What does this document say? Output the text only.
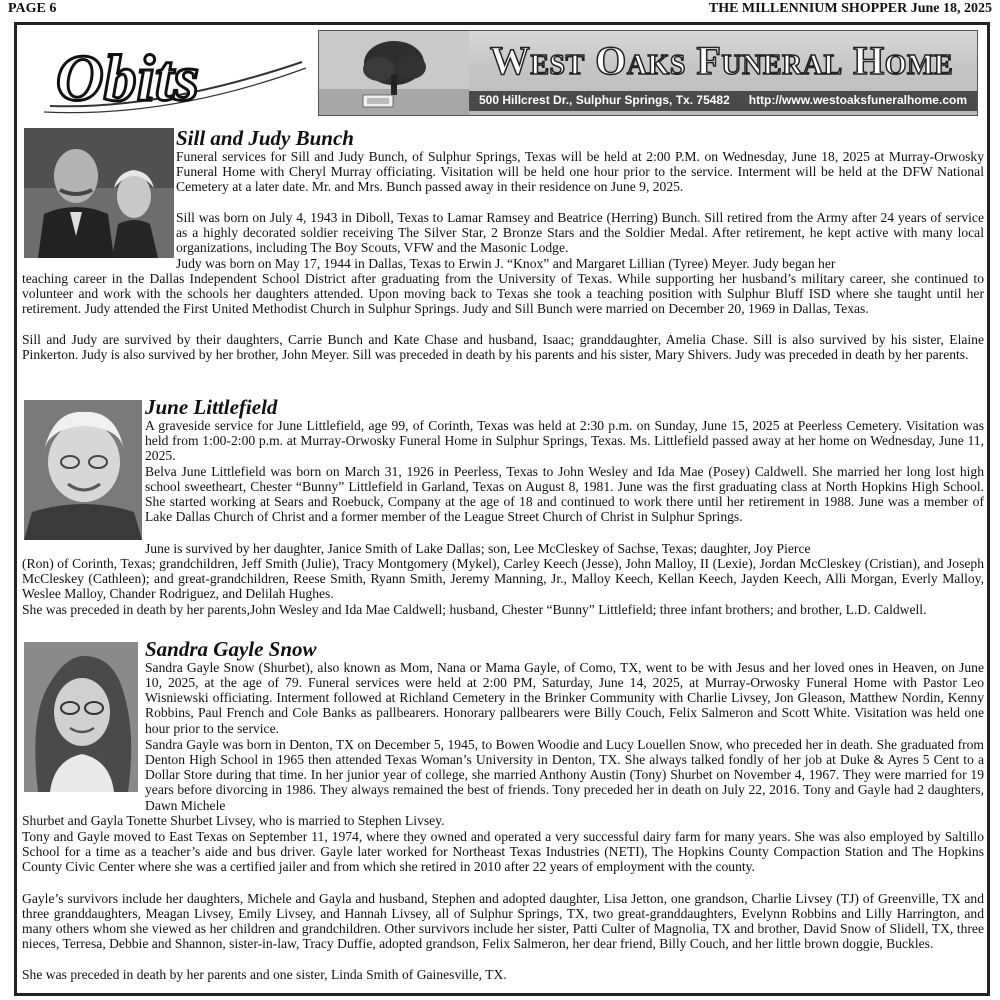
PAGE 6	THE MILLENNIUM SHOPPER June 18, 2025
Obits	West Oaks Funeral Home
500 Hillcrest Dr., Sulphur Springs, Tx. 75482 http://www.westoaksfuneralhome.com
Sill and Judy Bunch

Funeral services for Sill and Judy Bunch, of Sulphur Springs, Texas will be held at 2:00 P.M. on Wednesday, June 18, 2025 at Murray-Orwosky Funeral Home with Cheryl Murray officiating. Visitation will be held one hour prior to the service. Interment will be held at the DFW National Cemetery at a later date. Mr. and Mrs. Bunch passed away in their residence on June 9, 2025.

Sill was born on July 4, 1943 in Diboll, Texas to Lamar Ramsey and Beatrice (Herring) Bunch. Sill retired from the Army after 24 years of service as a highly decorated soldier receiving The Silver Star, 2 Bronze Stars and the Soldier Medal. After retirement, he kept active with many local organizations, including The Boy Scouts, VFW and the Masonic Lodge.

Judy was born on May 17, 1944 in Dallas, Texas to Erwin J. “Knox” and Margaret Lillian (Tyree) Meyer. Judy began her

teaching career in the Dallas Independent School District after graduating from the University of Texas. While supporting her husband’s military career, she continued to volunteer and work with the schools her daughters attended. Upon moving back to Texas she took a teaching position with Sulphur Bluff ISD where she taught until her retirement. Judy attended the First United Methodist Church in Sulphur Springs. Judy and Sill Bunch were married on December 20, 1969 in Dallas, Texas.

Sill and Judy are survived by their daughters, Carrie Bunch and Kate Chase and husband, Isaac; granddaughter, Amelia Chase. Sill is also survived by his sister, Elaine Pinkerton. Judy is also survived by her brother, John Meyer. Sill was preceded in death by his parents and his sister, Mary Shivers. Judy was preceded in death by her parents.

June Littlefield

A graveside service for June Littlefield, age 99, of Corinth, Texas was held at 2:30 p.m. on Sunday, June 15, 2025 at Peerless Cemetery. Visitation was held from 1:00-2:00 p.m. at Murray-Orwosky Funeral Home in Sulphur Springs, Texas. Ms. Littlefield passed away at her home on Wednesday, June 11, 2025.

Belva June Littlefield was born on March 31, 1926 in Peerless, Texas to John Wesley and Ida Mae (Posey) Caldwell. She married her long lost high school sweetheart, Chester “Bunny” Littlefield in Garland, Texas on August 8, 1981. June was the first graduating class at North Hopkins High School. She started working at Sears and Roebuck, Company at the age of 18 and continued to work there until her retirement in 1988. June was a member of Lake Dallas Church of Christ and a former member of the League Street Church of Christ in Sulphur Springs.

June is survived by her daughter, Janice Smith of Lake Dallas; son, Lee McCleskey of Sachse, Texas; daughter, Joy Pierce

(Ron) of Corinth, Texas; grandchildren, Jeff Smith (Julie), Tracy Montgomery (Mykel), Carley Keech (Jesse), John Malloy, II (Lexie), Jordan McCleskey (Cristian), and Joseph McCleskey (Cathleen); and great-grandchildren, Reese Smith, Ryann Smith, Jeremy Manning, Jr., Malloy Keech, Kellan Keech, Jayden Keech, Alli Morgan, Everly Malloy, Weslee Malloy, Chander Rodriguez, and Delilah Hughes.

She was preceded in death by her parents,John Wesley and Ida Mae Caldwell; husband, Chester “Bunny” Littlefield; three infant brothers; and brother, L.D. Caldwell.

Sandra Gayle Snow

Sandra Gayle Snow (Shurbet), also known as Mom, Nana or Mama Gayle, of Como, TX, went to be with Jesus and her loved ones in Heaven, on June 10, 2025, at the age of 79. Funeral services were held at 2:00 PM, Saturday, June 14, 2025, at Murray-Orwosky Funeral Home with Pastor Leo Wisniewski officiating. Interment followed at Richland Cemetery in the Brinker Community with Charlie Livsey, Jon Gleason, Matthew Nordin, Kenny Robbins, Paul French and Cole Banks as pallbearers. Honorary pallbearers were Billy Couch, Felix Salmeron and Scott White. Visitation was held one hour prior to the service.

Sandra Gayle was born in Denton, TX on December 5, 1945, to Bowen Woodie and Lucy Louellen Snow, who preceded her in death. She graduated from Denton High School in 1965 then attended Texas Woman’s University in Denton, TX. She always talked fondly of her job at Duke & Ayres 5 Cent to a Dollar Store during that time. In her junior year of college, she married Anthony Austin (Tony) Shurbet on November 4, 1967. They were married for 19 years before divorcing in 1986. They always remained the best of friends. Tony preceded her in death on July 22, 2016. Tony and Gayle had 2 daughters, Dawn Michele

Shurbet and Gayla Tonette Shurbet Livsey, who is married to Stephen Livsey.

Tony and Gayle moved to East Texas on September 11, 1974, where they owned and operated a very successful dairy farm for many years. She was also employed by Saltillo School for a time as a teacher’s aide and bus driver. Gayle later worked for Northeast Texas Industries (NETI), The Hopkins County Compaction Station and The Hopkins County Civic Center where she was a certified jailer and from which she retired in 2010 after 22 years of employment with the county.

Gayle’s survivors include her daughters, Michele and Gayla and husband, Stephen and adopted daughter, Lisa Jetton, one grandson, Charlie Livsey (TJ) of Greenville, TX and three granddaughters, Meagan Livsey, Emily Livsey, and Hannah Livsey, all of Sulphur Springs, TX, two great-granddaughters, Evelynn Robbins and Lilly Harrington, and many others whom she viewed as her children and grandchildren. Other survivors include her sister, Patti Culter of Magnolia, TX and brother, David Snow of Slidell, TX, three nieces, Terresa, Debbie and Shannon, sister-in-law, Tracy Duffie, adopted grandson, Felix Salmeron, her dear friend, Billy Couch, and her little brown doggie, Buckles.

She was preceded in death by her parents and one sister, Linda Smith of Gainesville, TX.
